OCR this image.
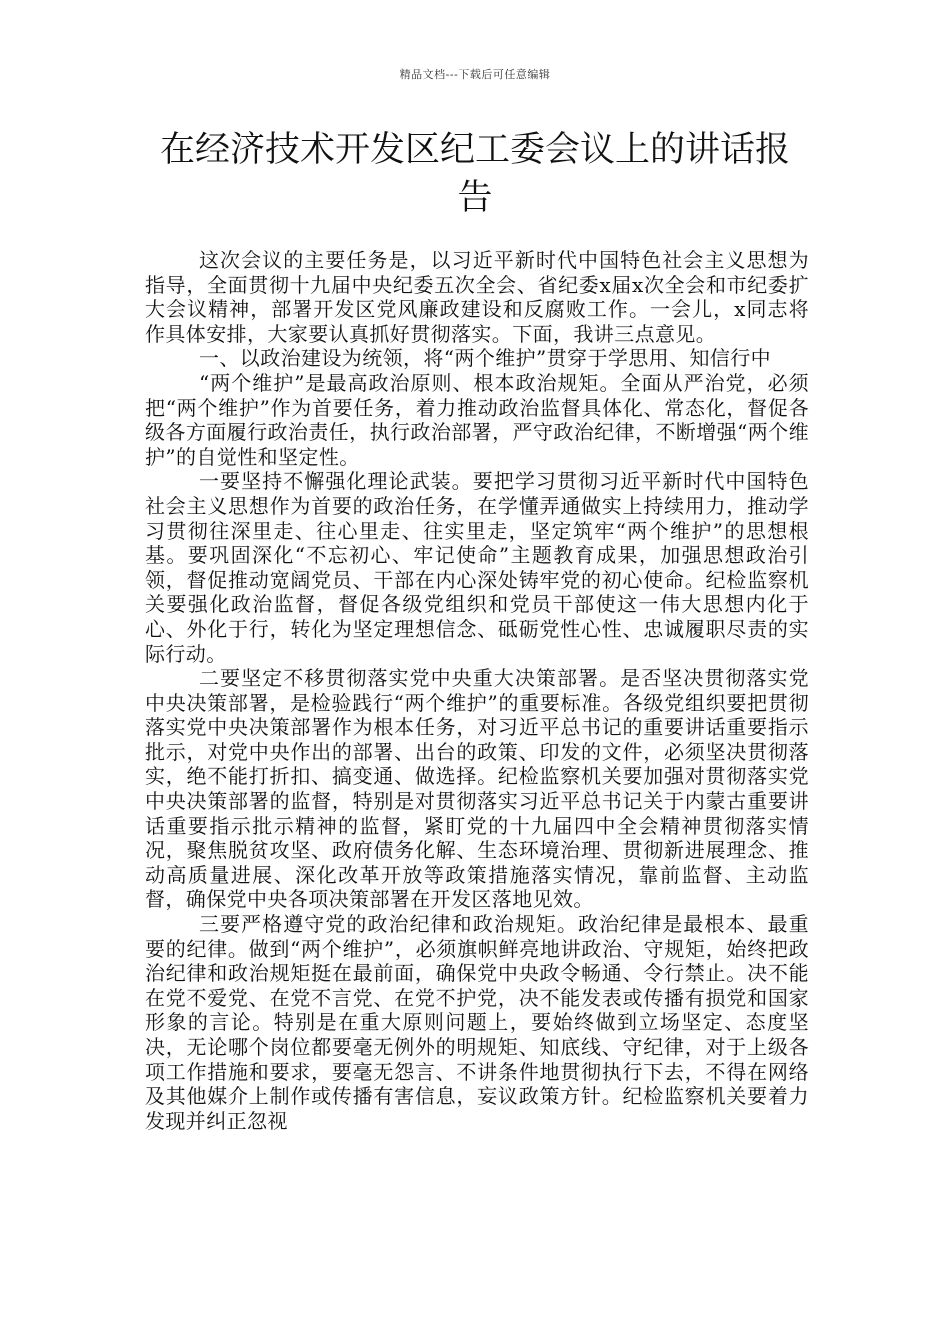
精品文档---下载后可任意编辑
在经济技术开发区纪工委会议上的讲话报告

这次会议的主要任务是，以习近平新时代中国特色社会主义思想为指导，全面贯彻十九届中央纪委五次全会、省纪委x届x次全会和市纪委扩大会议精神，部署开发区党风廉政建设和反腐败工作。一会儿，x同志将作具体安排，大家要认真抓好贯彻落实。下面，我讲三点意见。

一、以政治建设为统领，将“两个维护”贯穿于学思用、知信行中

“两个维护”是最高政治原则、根本政治规矩。全面从严治党，必须把“两个维护”作为首要任务，着力推动政治监督具体化、常态化，督促各级各方面履行政治责任，执行政治部署，严守政治纪律，不断增强“两个维护”的自觉性和坚定性。

一要坚持不懈强化理论武装。要把学习贯彻习近平新时代中国特色社会主义思想作为首要的政治任务，在学懂弄通做实上持续用力，推动学习贯彻往深里走、往心里走、往实里走，坚定筑牢“两个维护”的思想根基。要巩固深化“不忘初心、牢记使命”主题教育成果，加强思想政治引领，督促推动宽阔党员、干部在内心深处铸牢党的初心使命。纪检监察机关要强化政治监督，督促各级党组织和党员干部使这一伟大思想内化于心、外化于行，转化为坚定理想信念、砥砺党性心性、忠诚履职尽责的实际行动。

二要坚定不移贯彻落实党中央重大决策部署。是否坚决贯彻落实党中央决策部署，是检验践行“两个维护”的重要标准。各级党组织要把贯彻落实党中央决策部署作为根本任务，对习近平总书记的重要讲话重要指示批示，对党中央作出的部署、出台的政策、印发的文件，必须坚决贯彻落实，绝不能打折扣、搞变通、做选择。纪检监察机关要加强对贯彻落实党中央决策部署的监督，特别是对贯彻落实习近平总书记关于内蒙古重要讲话重要指示批示精神的监督，紧盯党的十九届四中全会精神贯彻落实情况，聚焦脱贫攻坚、政府债务化解、生态环境治理、贯彻新进展理念、推动高质量进展、深化改革开放等政策措施落实情况，靠前监督、主动监督，确保党中央各项决策部署在开发区落地见效。

三要严格遵守党的政治纪律和政治规矩。政治纪律是最根本、最重要的纪律。做到“两个维护”，必须旗帜鲜亮地讲政治、守规矩，始终把政治纪律和政治规矩挺在最前面，确保党中央政令畅通、令行禁止。决不能在党不爱党、在党不言党、在党不护党，决不能发表或传播有损党和国家形象的言论。特别是在重大原则问题上，要始终做到立场坚定、态度坚决，无论哪个岗位都要毫无例外的明规矩、知底线、守纪律，对于上级各项工作措施和要求，要毫无怨言、不讲条件地贯彻执行下去，不得在网络及其他媒介上制作或传播有害信息，妄议政策方针。纪检监察机关要着力发现并纠正忽视
